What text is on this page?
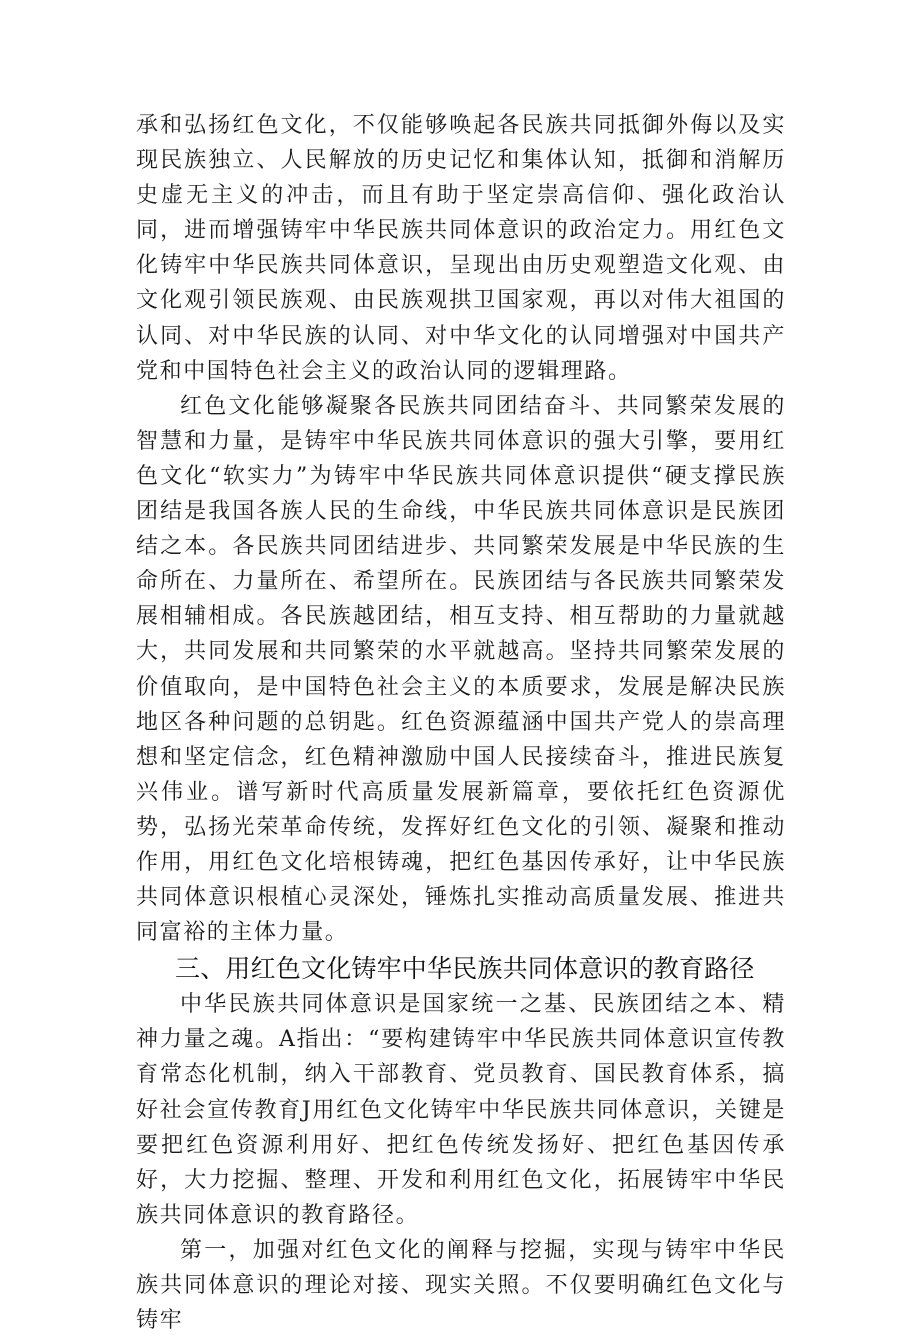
承和弘扬红色文化，不仅能够唤起各民族共同抵御外侮以及实现民族独立、人民解放的历史记忆和集体认知，抵御和消解历史虚无主义的冲击，而且有助于坚定崇高信仰、强化政治认同，进而增强铸牢中华民族共同体意识的政治定力。用红色文化铸牢中华民族共同体意识，呈现出由历史观塑造文化观、由文化观引领民族观、由民族观拱卫国家观，再以对伟大祖国的认同、对中华民族的认同、对中华文化的认同增强对中国共产党和中国特色社会主义的政治认同的逻辑理路。

红色文化能够凝聚各民族共同团结奋斗、共同繁荣发展的智慧和力量，是铸牢中华民族共同体意识的强大引擎，要用红色文化“软实力”为铸牢中华民族共同体意识提供“硬支撑民族团结是我国各族人民的生命线，中华民族共同体意识是民族团结之本。各民族共同团结进步、共同繁荣发展是中华民族的生命所在、力量所在、希望所在。民族团结与各民族共同繁荣发展相辅相成。各民族越团结，相互支持、相互帮助的力量就越大，共同发展和共同繁荣的水平就越高。坚持共同繁荣发展的价值取向，是中国特色社会主义的本质要求，发展是解决民族地区各种问题的总钥匙。红色资源蕴涵中国共产党人的崇高理想和坚定信念，红色精神激励中国人民接续奋斗，推进民族复兴伟业。谱写新时代高质量发展新篇章，要依托红色资源优势，弘扬光荣革命传统，发挥好红色文化的引领、凝聚和推动作用，用红色文化培根铸魂，把红色基因传承好，让中华民族共同体意识根植心灵深处，锤炼扎实推动高质量发展、推进共同富裕的主体力量。

三、用红色文化铸牢中华民族共同体意识的教育路径

中华民族共同体意识是国家统一之基、民族团结之本、精神力量之魂。A指出：“要构建铸牢中华民族共同体意识宣传教育常态化机制，纳入干部教育、党员教育、国民教育体系，搞好社会宣传教育J用红色文化铸牢中华民族共同体意识，关键是要把红色资源利用好、把红色传统发扬好、把红色基因传承好，大力挖掘、整理、开发和利用红色文化，拓展铸牢中华民族共同体意识的教育路径。

第一，加强对红色文化的阐释与挖掘，实现与铸牢中华民族共同体意识的理论对接、现实关照。不仅要明确红色文化与铸牢
